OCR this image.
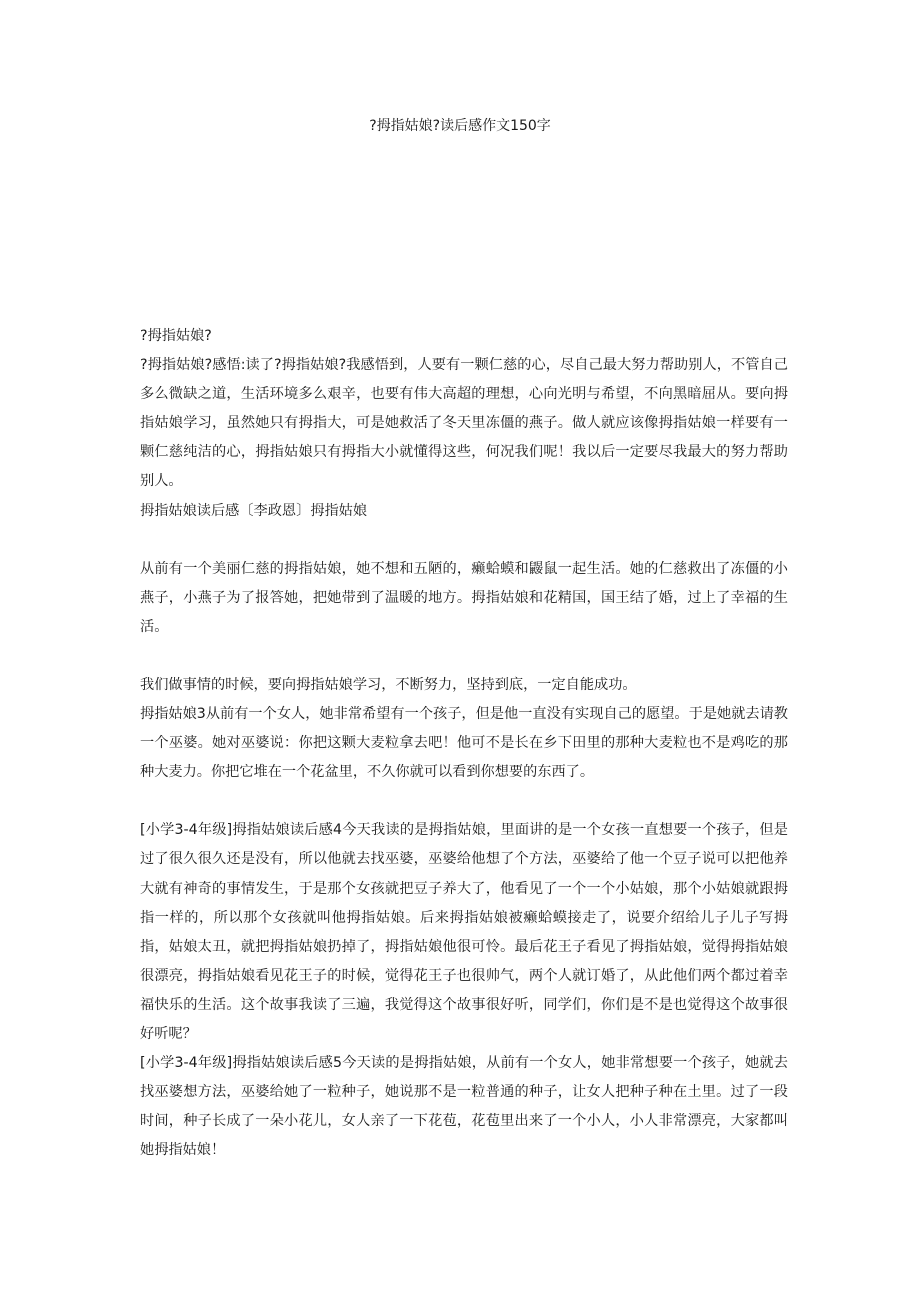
?拇指姑娘?读后感作文150字

?拇指姑娘?

?拇指姑娘?感悟:读了?拇指姑娘?我感悟到，人要有一颗仁慈的心，尽自己最大努力帮助别人，不管自己多么微缺之道，生活环境多么艰辛，也要有伟大高超的理想，心向光明与希望，不向黑暗屈从。要向拇指姑娘学习，虽然她只有拇指大，可是她救活了冬天里冻僵的燕子。做人就应该像拇指姑娘一样要有一颗仁慈纯洁的心，拇指姑娘只有拇指大小就懂得这些，何况我们呢！我以后一定要尽我最大的努力帮助别人。

拇指姑娘读后感〔李政恩〕拇指姑娘

从前有一个美丽仁慈的拇指姑娘，她不想和五陋的，癞蛤蟆和鼹鼠一起生活。她的仁慈救出了冻僵的小燕子，小燕子为了报答她，把她带到了温暖的地方。拇指姑娘和花精国，国王结了婚，过上了幸福的生活。

我们做事情的时候，要向拇指姑娘学习，不断努力，坚持到底，一定自能成功。

拇指姑娘3从前有一个女人，她非常希望有一个孩子，但是他一直没有实现自己的愿望。于是她就去请教一个巫婆。她对巫婆说：你把这颗大麦粒拿去吧！他可不是长在乡下田里的那种大麦粒也不是鸡吃的那种大麦力。你把它堆在一个花盆里，不久你就可以看到你想要的东西了。

[小学3-4年级]拇指姑娘读后感4今天我读的是拇指姑娘，里面讲的是一个女孩一直想要一个孩子，但是过了很久很久还是没有，所以他就去找巫婆，巫婆给他想了个方法，巫婆给了他一个豆子说可以把他养大就有神奇的事情发生，于是那个女孩就把豆子养大了，他看见了一个一个小姑娘，那个小姑娘就跟拇指一样的，所以那个女孩就叫他拇指姑娘。后来拇指姑娘被癞蛤蟆接走了，说要介绍给儿子儿子写拇指，姑娘太丑，就把拇指姑娘扔掉了，拇指姑娘他很可怜。最后花王子看见了拇指姑娘，觉得拇指姑娘很漂亮，拇指姑娘看见花王子的时候，觉得花王子也很帅气，两个人就订婚了，从此他们两个都过着幸福快乐的生活。这个故事我读了三遍，我觉得这个故事很好听，同学们，你们是不是也觉得这个故事很好听呢？

[小学3-4年级]拇指姑娘读后感5今天读的是拇指姑娘，从前有一个女人，她非常想要一个孩子，她就去找巫婆想方法，巫婆给她了一粒种子，她说那不是一粒普通的种子，让女人把种子种在土里。过了一段时间，种子长成了一朵小花儿，女人亲了一下花苞，花苞里出来了一个小人，小人非常漂亮，大家都叫她拇指姑娘！
